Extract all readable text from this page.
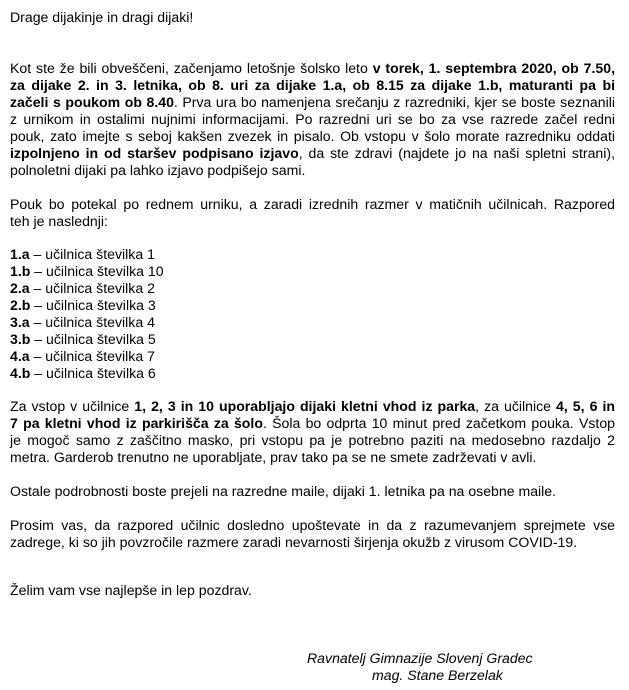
Drage dijakinje in dragi dijaki!
Kot ste že bili obveščeni, začenjamo letošnje šolsko leto v torek, 1. septembra 2020, ob 7.50,
za dijake 2. in 3. letnika, ob 8. uri za dijake 1.a, ob 8.15 za dijake 1.b, maturanti pa bi
začeli s poukom ob 8.40. Prva ura bo namenjena srečanju z razredniki, kjer se boste seznanili
z urnikom in ostalimi nujnimi informacijami. Po razredni uri se bo za vse razrede začel redni
pouk, zato imejte s seboj kakšen zvezek in pisalo. Ob vstopu v šolo morate razredniku oddati
izpolnjeno in od staršev podpisano izjavo, da ste zdravi (najdete jo na naši spletni strani),
polnoletni dijaki pa lahko izjavo podpišejo sami.
Pouk bo potekal po rednem urniku, a zaradi izrednih razmer v matičnih učilnicah. Razpored
teh je naslednji:
1.a – učilnica številka 1
1.b – učilnica številka 10
2.a – učilnica številka 2
2.b – učilnica številka 3
3.a – učilnica številka 4
3.b – učilnica številka 5
4.a – učilnica številka 7
4.b – učilnica številka 6
Za vstop v učilnice 1, 2, 3 in 10 uporabljajo dijaki kletni vhod iz parka, za učilnice 4, 5, 6 in
7 pa kletni vhod iz parkirišča za šolo. Šola bo odprta 10 minut pred začetkom pouka. Vstop
je mogoč samo z zaščitno masko, pri vstopu pa je potrebno paziti na medosebno razdaljo 2
metra. Garderob trenutno ne uporabljate, prav tako pa se ne smete zadrževati v avli.
Ostale podrobnosti boste prejeli na razredne maile, dijaki 1. letnika pa na osebne maile.
Prosim vas, da razpored učilnic dosledno upoštevate in da z razumevanjem sprejmete vse
zadrege, ki so jih povzročile razmere zaradi nevarnosti širjenja okužb z virusom COVID-19.
Želim vam vse najlepše in lep pozdrav.
Ravnatelj Gimnazije Slovenj Gradec
mag. Stane Berzelak
